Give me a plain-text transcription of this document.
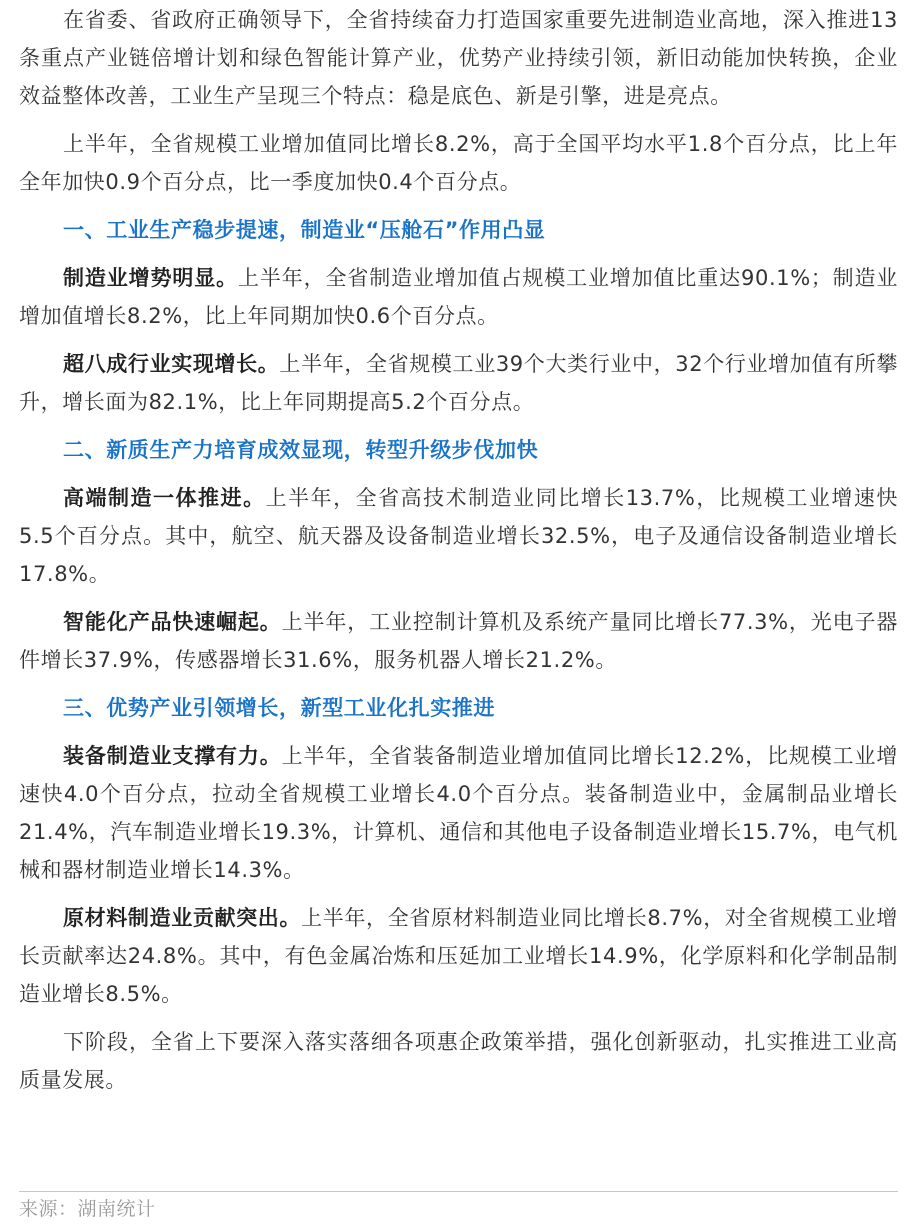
在省委、省政府正确领导下，全省持续奋力打造国家重要先进制造业高地，深入推进13条重点产业链倍增计划和绿色智能计算产业，优势产业持续引领，新旧动能加快转换，企业效益整体改善，工业生产呈现三个特点：稳是底色、新是引擎，进是亮点。

上半年，全省规模工业增加值同比增长8.2%，高于全国平均水平1.8个百分点，比上年全年加快0.9个百分点，比一季度加快0.4个百分点。

一、工业生产稳步提速，制造业“压舱石”作用凸显

制造业增势明显。上半年，全省制造业增加值占规模工业增加值比重达90.1%；制造业增加值增长8.2%，比上年同期加快0.6个百分点。

超八成行业实现增长。上半年，全省规模工业39个大类行业中，32个行业增加值有所攀升，增长面为82.1%，比上年同期提高5.2个百分点。

二、新质生产力培育成效显现，转型升级步伐加快

高端制造一体推进。上半年，全省高技术制造业同比增长13.7%，比规模工业增速快5.5个百分点。其中，航空、航天器及设备制造业增长32.5%，电子及通信设备制造业增长17.8%。

智能化产品快速崛起。上半年，工业控制计算机及系统产量同比增长77.3%，光电子器件增长37.9%，传感器增长31.6%，服务机器人增长21.2%。

三、优势产业引领增长，新型工业化扎实推进

装备制造业支撑有力。上半年，全省装备制造业增加值同比增长12.2%，比规模工业增速快4.0个百分点，拉动全省规模工业增长4.0个百分点。装备制造业中，金属制品业增长21.4%，汽车制造业增长19.3%，计算机、通信和其他电子设备制造业增长15.7%，电气机械和器材制造业增长14.3%。

原材料制造业贡献突出。上半年，全省原材料制造业同比增长8.7%，对全省规模工业增长贡献率达24.8%。其中，有色金属冶炼和压延加工业增长14.9%，化学原料和化学制品制造业增长8.5%。

下阶段，全省上下要深入落实落细各项惠企政策举措，强化创新驱动，扎实推进工业高质量发展。

来源：湖南统计
